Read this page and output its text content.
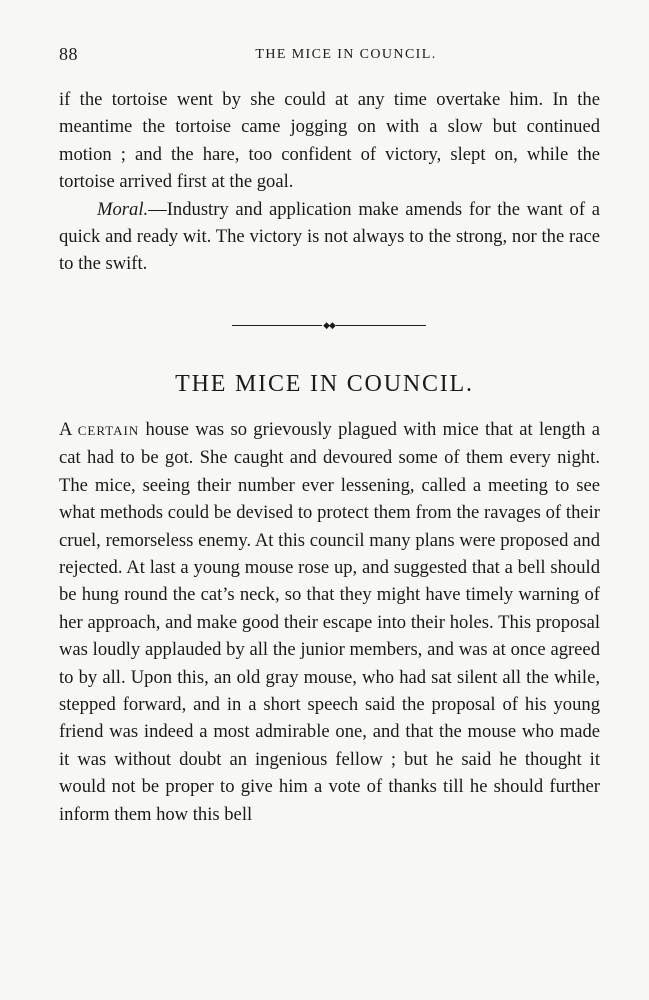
88	THE MICE IN COUNCIL.

if the tortoise went by she could at any time overtake him. In the meantime the tortoise came jogging on with a slow but continued motion ; and the hare, too confident of victory, slept on, while the tortoise arrived first at the goal.

Moral.—Industry and application make amends for the want of a quick and ready wit. The victory is not always to the strong, nor the race to the swift.

◆◆
THE MICE IN COUNCIL.

A CERTAIN house was so grievously plagued with mice that at length a cat had to be got. She caught and devoured some of them every night. The mice, seeing their number ever lessening, called a meeting to see what methods could be devised to protect them from the ravages of their cruel, remorseless enemy. At this council many plans were proposed and rejected. At last a young mouse rose up, and suggested that a bell should be hung round the cat’s neck, so that they might have timely warning of her approach, and make good their escape into their holes. This proposal was loudly applauded by all the junior members, and was at once agreed to by all. Upon this, an old gray mouse, who had sat silent all the while, stepped forward, and in a short speech said the proposal of his young friend was indeed a most admirable one, and that the mouse who made it was without doubt an ingenious fellow ; but he said he thought it would not be proper to give him a vote of thanks till he should further inform them how this bell
